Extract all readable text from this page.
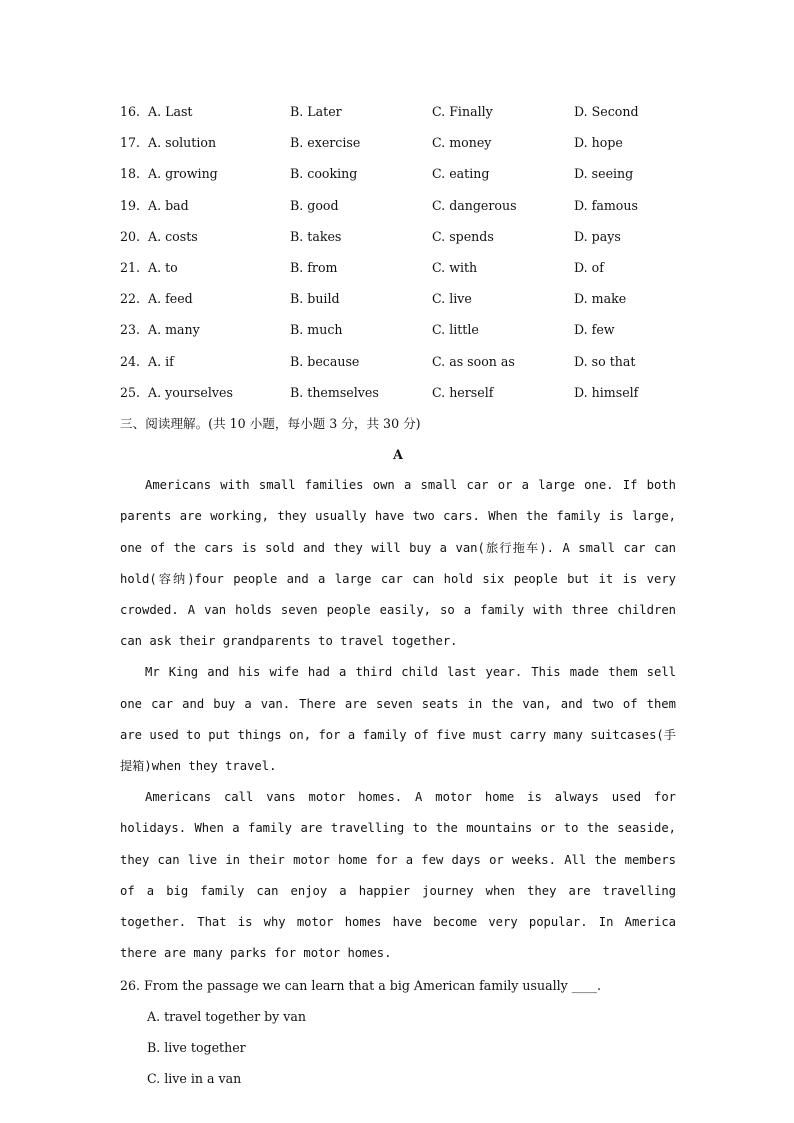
16. A. Last	B. Later	C. Finally	D. Second
17. A. solution	B. exercise	C. money	D. hope
18. A. growing	B. cooking	C. eating	D. seeing
19. A. bad	B. good	C. dangerous	D. famous
20. A. costs	B. takes	C. spends	D. pays
21. A. to	B. from	C. with	D. of
22. A. feed	B. build	C. live	D. make
23. A. many	B. much	C. little	D. few
24. A. if	B. because	C. as soon as	D. so that
25. A. yourselves	B. themselves	C. herself	D. himself
三、阅读理解。(共 10 小题，每小题 3 分，共 30 分)
A

Americans with small families own a small car or a large one. If both parents are working, they usually have two cars. When the family is large, one of the cars is sold and they will buy a van(旅行拖车). A small car can hold(容纳)four people and a large car can hold six people but it is very crowded. A van holds seven people easily, so a family with three children can ask their grandparents to travel together.

Mr King and his wife had a third child last year. This made them sell one car and buy a van. There are seven seats in the van, and two of them are used to put things on, for a family of five must carry many suitcases(手提箱)when they travel.

Americans call vans motor homes. A motor home is always used for holidays. When a family are travelling to the mountains or to the seaside, they can live in their motor home for a few days or weeks. All the members of a big family can enjoy a happier journey when they are travelling together. That is why motor homes have become very popular. In America there are many parks for motor homes.

26. From the passage we can learn that a big American family usually ____.
A. travel together by van
B. live together
C. live in a van
